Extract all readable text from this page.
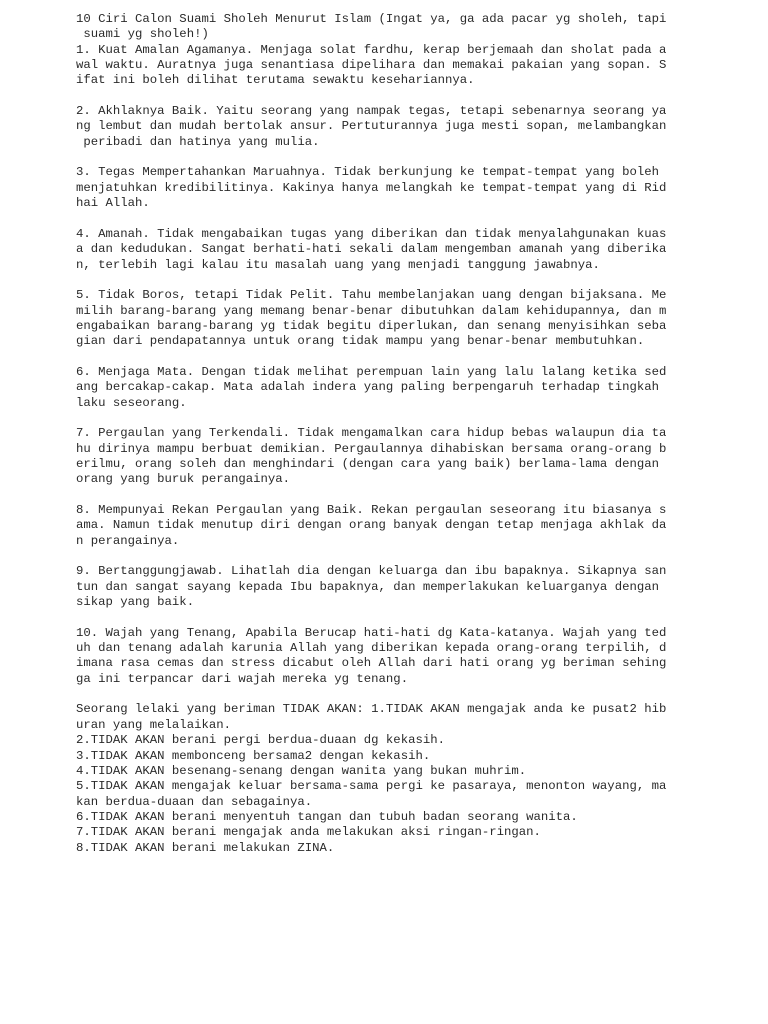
10 Ciri Calon Suami Sholeh Menurut Islam (Ingat ya, ga ada pacar yg sholeh, tapi
suami yg sholeh!)
1. Kuat Amalan Agamanya. Menjaga solat fardhu, kerap berjemaah dan sholat pada a
wal waktu. Auratnya juga senantiasa dipelihara dan memakai pakaian yang sopan. S
ifat ini boleh dilihat terutama sewaktu kesehariannya.
2. Akhlaknya Baik. Yaitu seorang yang nampak tegas, tetapi sebenarnya seorang ya
ng lembut dan mudah bertolak ansur. Pertuturannya juga mesti sopan, melambangkan
peribadi dan hatinya yang mulia.
3. Tegas Mempertahankan Maruahnya. Tidak berkunjung ke tempat-tempat yang boleh
menjatuhkan kredibilitinya. Kakinya hanya melangkah ke tempat-tempat yang di Rid
hai Allah.
4. Amanah. Tidak mengabaikan tugas yang diberikan dan tidak menyalahgunakan kuas
a dan kedudukan. Sangat berhati-hati sekali dalam mengemban amanah yang diberika
n, terlebih lagi kalau itu masalah uang yang menjadi tanggung jawabnya.
5. Tidak Boros, tetapi Tidak Pelit. Tahu membelanjakan uang dengan bijaksana. Me
milih barang-barang yang memang benar-benar dibutuhkan dalam kehidupannya, dan m
engabaikan barang-barang yg tidak begitu diperlukan, dan senang menyisihkan seba
gian dari pendapatannya untuk orang tidak mampu yang benar-benar membutuhkan.
6. Menjaga Mata. Dengan tidak melihat perempuan lain yang lalu lalang ketika sed
ang bercakap-cakap. Mata adalah indera yang paling berpengaruh terhadap tingkah
laku seseorang.
7. Pergaulan yang Terkendali. Tidak mengamalkan cara hidup bebas walaupun dia ta
hu dirinya mampu berbuat demikian. Pergaulannya dihabiskan bersama orang-orang b
erilmu, orang soleh dan menghindari (dengan cara yang baik) berlama-lama dengan
orang yang buruk perangainya.
8. Mempunyai Rekan Pergaulan yang Baik. Rekan pergaulan seseorang itu biasanya s
ama. Namun tidak menutup diri dengan orang banyak dengan tetap menjaga akhlak da
n perangainya.
9. Bertanggungjawab. Lihatlah dia dengan keluarga dan ibu bapaknya. Sikapnya san
tun dan sangat sayang kepada Ibu bapaknya, dan memperlakukan keluarganya dengan
sikap yang baik.
10. Wajah yang Tenang, Apabila Berucap hati-hati dg Kata-katanya. Wajah yang ted
uh dan tenang adalah karunia Allah yang diberikan kepada orang-orang terpilih, d
imana rasa cemas dan stress dicabut oleh Allah dari hati orang yg beriman sehing
ga ini terpancar dari wajah mereka yg tenang.
Seorang lelaki yang beriman TIDAK AKAN: 1.TIDAK AKAN mengajak anda ke pusat2 hib
uran yang melalaikan.
2.TIDAK AKAN berani pergi berdua-duaan dg kekasih.
3.TIDAK AKAN membonceng bersama2 dengan kekasih.
4.TIDAK AKAN besenang-senang dengan wanita yang bukan muhrim.
5.TIDAK AKAN mengajak keluar bersama-sama pergi ke pasaraya, menonton wayang, ma
kan berdua-duaan dan sebagainya.
6.TIDAK AKAN berani menyentuh tangan dan tubuh badan seorang wanita.
7.TIDAK AKAN berani mengajak anda melakukan aksi ringan-ringan.
8.TIDAK AKAN berani melakukan ZINA.
